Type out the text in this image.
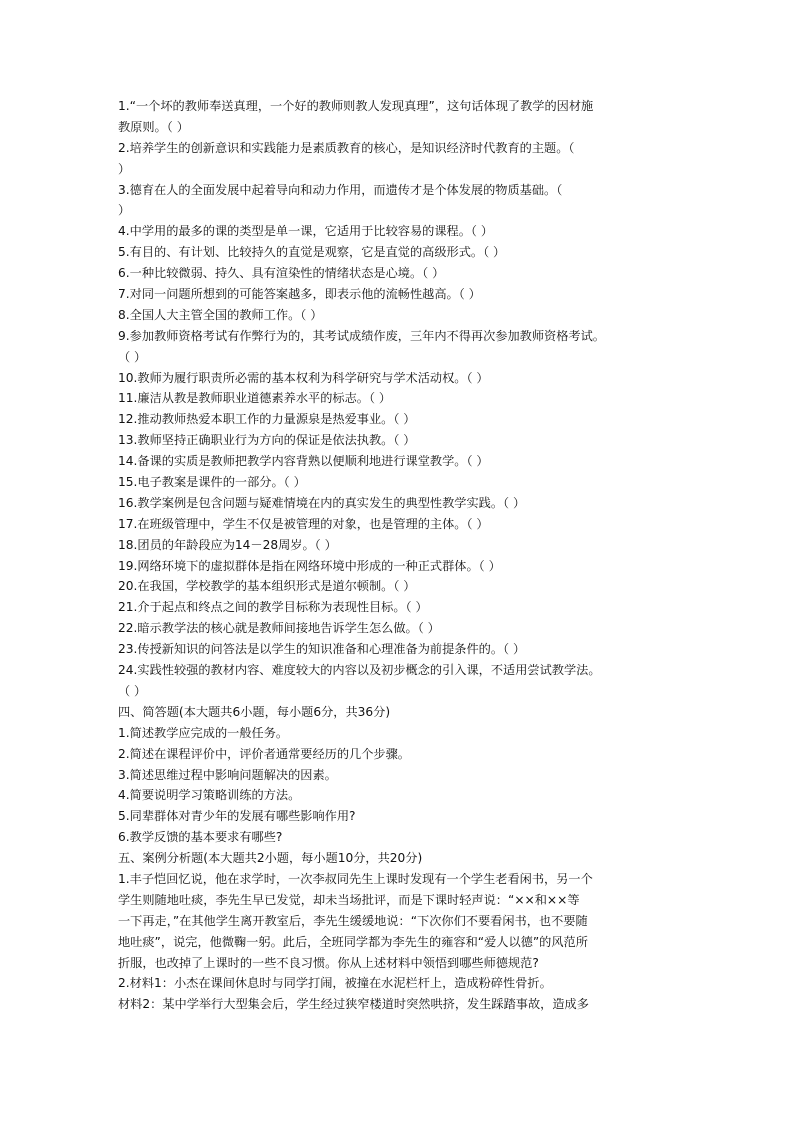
1.“一个坏的教师奉送真理，一个好的教师则教人发现真理”，这句话体现了教学的因材施
教原则。（ ）
2.培养学生的创新意识和实践能力是素质教育的核心，是知识经济时代教育的主题。（
）
3.德育在人的全面发展中起着导向和动力作用，而遗传才是个体发展的物质基础。（
）
4.中学用的最多的课的类型是单一课，它适用于比较容易的课程。（ ）
5.有目的、有计划、比较持久的直觉是观察，它是直觉的高级形式。（ ）
6.一种比较微弱、持久、具有渲染性的情绪状态是心境。（ ）
7.对同一问题所想到的可能答案越多，即表示他的流畅性越高。（ ）
8.全国人大主管全国的教师工作。（ ）
9.参加教师资格考试有作弊行为的，其考试成绩作废，三年内不得再次参加教师资格考试。
（ ）
10.教师为履行职责所必需的基本权利为科学研究与学术活动权。（ ）
11.廉洁从教是教师职业道德素养水平的标志。（ ）
12.推动教师热爱本职工作的力量源泉是热爱事业。（ ）
13.教师坚持正确职业行为方向的保证是依法执教。（ ）
14.备课的实质是教师把教学内容背熟以便顺利地进行课堂教学。（ ）
15.电子教案是课件的一部分。（ ）
16.教学案例是包含问题与疑难情境在内的真实发生的典型性教学实践。（ ）
17.在班级管理中，学生不仅是被管理的对象，也是管理的主体。（ ）
18.团员的年龄段应为14－28周岁。（ ）
19.网络环境下的虚拟群体是指在网络环境中形成的一种正式群体。（ ）
20.在我国，学校教学的基本组织形式是道尔顿制。（ ）
21.介于起点和终点之间的教学目标称为表现性目标。（ ）
22.暗示教学法的核心就是教师间接地告诉学生怎么做。（ ）
23.传授新知识的问答法是以学生的知识准备和心理准备为前提条件的。（ ）
24.实践性较强的教材内容、难度较大的内容以及初步概念的引入课，不适用尝试教学法。
（ ）
四、简答题(本大题共6小题，每小题6分，共36分)
1.简述教学应完成的一般任务。
2.简述在课程评价中，评价者通常要经历的几个步骤。
3.简述思维过程中影响问题解决的因素。
4.简要说明学习策略训练的方法。
5.同辈群体对青少年的发展有哪些影响作用?
6.教学反馈的基本要求有哪些?
五、案例分析题(本大题共2小题，每小题10分，共20分)
1.丰子恺回忆说，他在求学时，一次李叔同先生上课时发现有一个学生老看闲书，另一个
学生则随地吐痰，李先生早已发觉，却未当场批评，而是下课时轻声说：“××和××等
一下再走，”在其他学生离开教室后，李先生缓缓地说：“下次你们不要看闲书，也不要随
地吐痰”，说完，他微鞠一躬。此后，全班同学都为李先生的雍容和“爱人以德”的风范所
折服，也改掉了上课时的一些不良习惯。你从上述材料中领悟到哪些师德规范?
2.材料1：小杰在课间休息时与同学打闹，被撞在水泥栏杆上，造成粉碎性骨折。
材料2：某中学举行大型集会后，学生经过狭窄楼道时突然哄挤，发生踩踏事故，造成多
